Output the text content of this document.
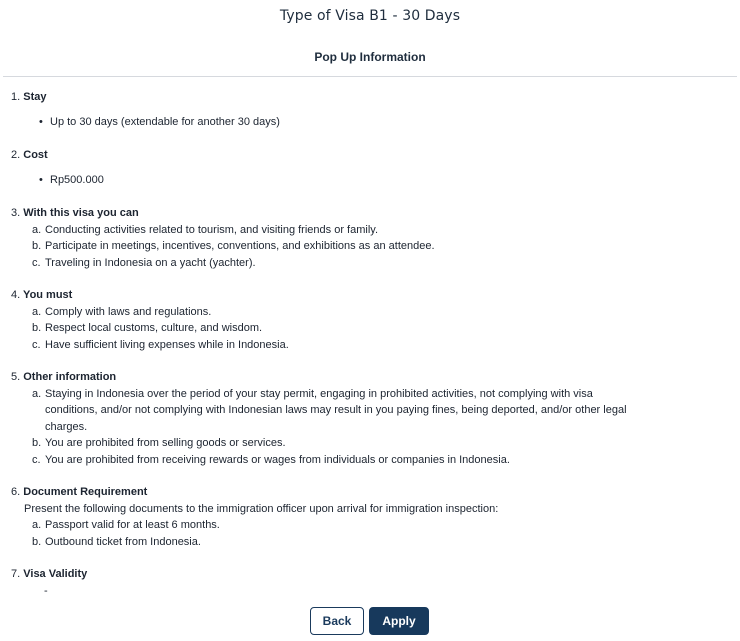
Type of Visa B1 - 30 Days
Pop Up Information
1. Stay
• Up to 30 days (extendable for another 30 days)
2. Cost
• Rp500.000
3. With this visa you can
a. Conducting activities related to tourism, and visiting friends or family.
b. Participate in meetings, incentives, conventions, and exhibitions as an attendee.
c. Traveling in Indonesia on a yacht (yachter).
4. You must
a. Comply with laws and regulations.
b. Respect local customs, culture, and wisdom.
c. Have sufficient living expenses while in Indonesia.
5. Other information
a. Staying in Indonesia over the period of your stay permit, engaging in prohibited activities, not complying with visa conditions, and/or not complying with Indonesian laws may result in you paying fines, being deported, and/or other legal charges.
b. You are prohibited from selling goods or services.
c. You are prohibited from receiving rewards or wages from individuals or companies in Indonesia.
6. Document Requirement
Present the following documents to the immigration officer upon arrival for immigration inspection:
a. Passport valid for at least 6 months.
b. Outbound ticket from Indonesia.
7. Visa Validity
-
Back	Apply
